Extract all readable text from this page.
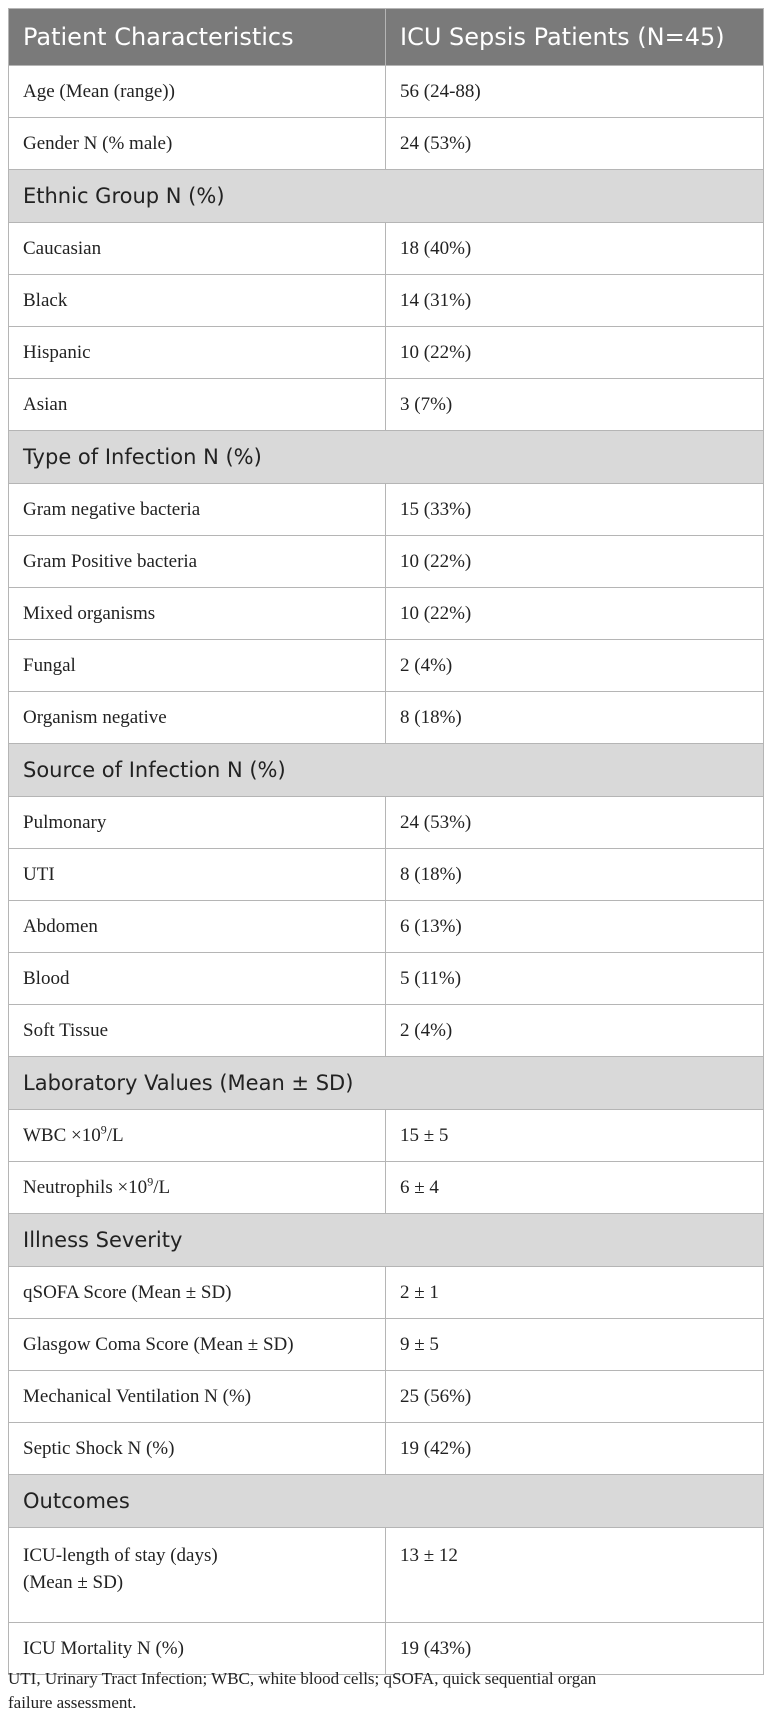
Patient Characteristics	ICU Sepsis Patients (N=45)
Age (Mean (range))	56 (24-88)
Gender N (% male)	24 (53%)
Ethnic Group N (%)	
Caucasian	18 (40%)
Black	14 (31%)
Hispanic	10 (22%)
Asian	3 (7%)
Type of Infection N (%)	
Gram negative bacteria	15 (33%)
Gram Positive bacteria	10 (22%)
Mixed organisms	10 (22%)
Fungal	2 (4%)
Organism negative	8 (18%)
Source of Infection N (%)	
Pulmonary	24 (53%)
UTI	8 (18%)
Abdomen	6 (13%)
Blood	5 (11%)
Soft Tissue	2 (4%)
Laboratory Values (Mean ± SD)	
WBC $\times 10^9/L$	15 ± 5
Neutrophils $\times 10^9/L$	6 ± 4
Illness Severity	
qSOFA Score (Mean ± SD)	2 ± 1
Glasgow Coma Score (Mean ± SD)	9 ± 5
Mechanical Ventilation N (%)	25 (56%)
Septic Shock N (%)	19 (42%)
Outcomes	

ICU-length of stay (days)
(Mean ± SD)	13 ± 12
ICU Mortality N (%)	19 (43%)
UTI, Urinary Tract Infection; WBC, white blood cells; qSOFA, quick sequential organ
failure assessment.
